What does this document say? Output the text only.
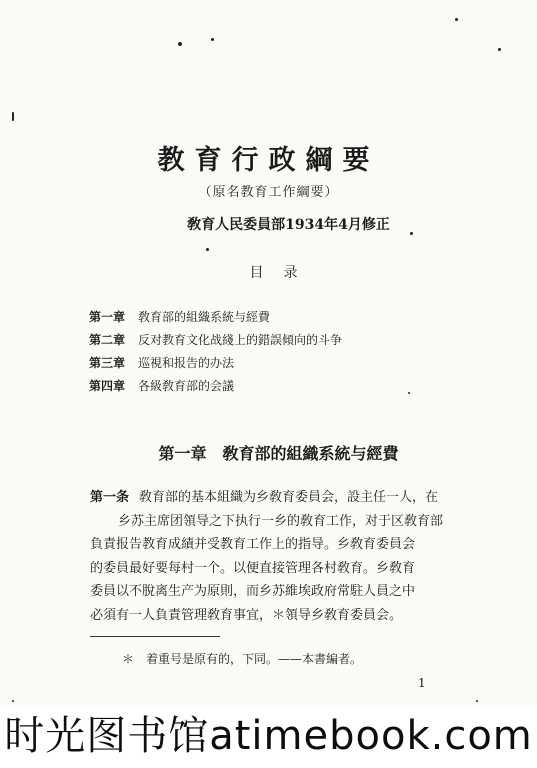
教育行政綱要
（原名教育工作綱要）
敎育人民委員部1934年4月修正
目录
第一章	敎育部的組織系統与經費
第二章	反对教育文化战綫上的錯誤傾向的斗争
第三章	巡視和报告的办法
第四章	各級敎育部的会議
第一章　敎育部的組織系統与經費
第一条 敎育部的基本組織为乡敎育委員会，設主任一人，在
乡苏主席团領导之下执行一乡的敎育工作，对于区敎育部
負責报告教育成績并受教育工作上的指导。乡敎育委員会
的委員最好要每村一个。以便直接管理各村敎育。乡敎育
委員以不脫离生产为原則，而乡苏維埃政府常駐人員之中
必須有一人負責管理敎育事宜，＊領导乡敎育委員会。
＊　着重号是原有的，下同。——本書編者。
1
时光图书馆atimebook.com
